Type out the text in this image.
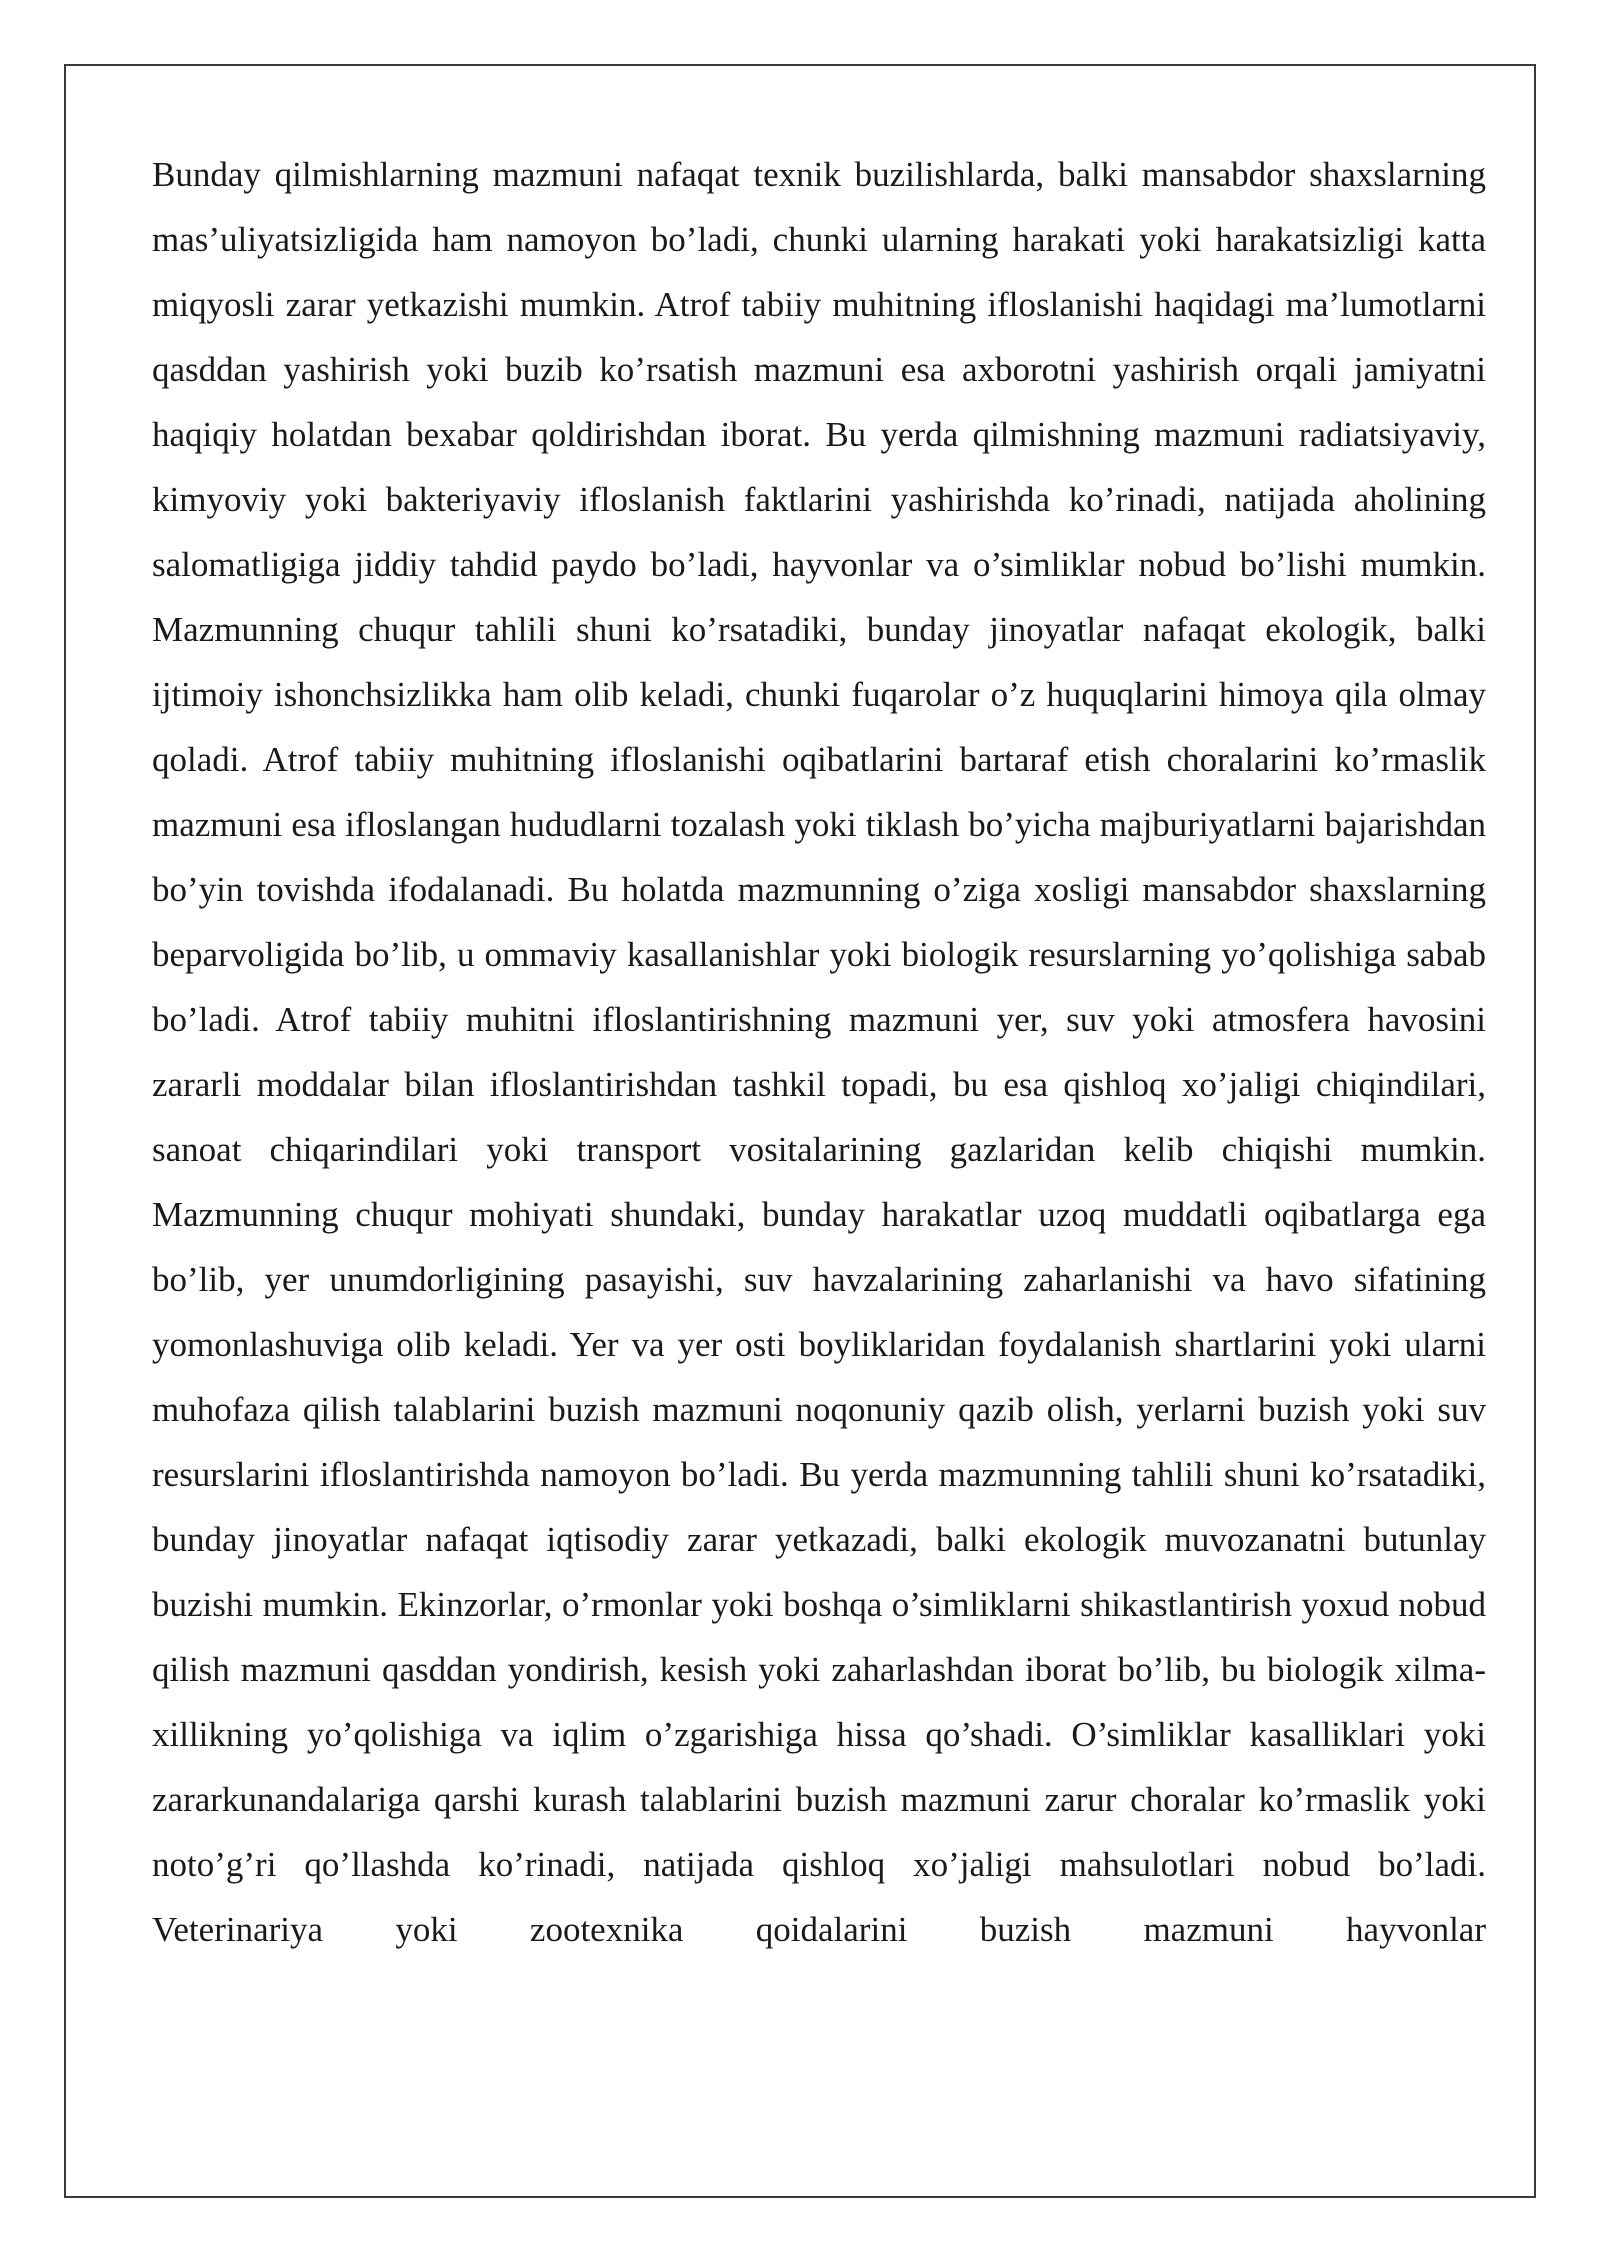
Bunday qilmishlarning mazmuni nafaqat texnik buzilishlarda, balki mansabdor shaxslarning mas’uliyatsizligida ham namoyon bo’ladi, chunki ularning harakati yoki harakatsizligi katta miqyosli zarar yetkazishi mumkin. Atrof tabiiy muhitning ifloslanishi haqidagi ma’lumotlarni qasddan yashirish yoki buzib ko’rsatish mazmuni esa axborotni yashirish orqali jamiyatni haqiqiy holatdan bexabar qoldirishdan iborat. Bu yerda qilmishning mazmuni radiatsiyaviy, kimyoviy yoki bakteriyaviy ifloslanish faktlarini yashirishda ko’rinadi, natijada aholining salomatligiga jiddiy tahdid paydo bo’ladi, hayvonlar va o’simliklar nobud bo’lishi mumkin. Mazmunning chuqur tahlili shuni ko’rsatadiki, bunday jinoyatlar nafaqat ekologik, balki ijtimoiy ishonchsizlikka ham olib keladi, chunki fuqarolar o’z huquqlarini himoya qila olmay qoladi. Atrof tabiiy muhitning ifloslanishi oqibatlarini bartaraf etish choralarini ko’rmaslik mazmuni esa ifloslangan hududlarni tozalash yoki tiklash bo’yicha majburiyatlarni bajarishdan bo’yin tovishda ifodalanadi. Bu holatda mazmunning o’ziga xosligi mansabdor shaxslarning beparvoligida bo’lib, u ommaviy kasallanishlar yoki biologik resurslarning yo’qolishiga sabab bo’ladi. Atrof tabiiy muhitni ifloslantirishning mazmuni yer, suv yoki atmosfera havosini zararli moddalar bilan ifloslantirishdan tashkil topadi, bu esa qishloq xo’jaligi chiqindilari, sanoat chiqarindilari yoki transport vositalarining gazlaridan kelib chiqishi mumkin. Mazmunning chuqur mohiyati shundaki, bunday harakatlar uzoq muddatli oqibatlarga ega bo’lib, yer unumdorligining pasayishi, suv havzalarining zaharlanishi va havo sifatining yomonlashuviga olib keladi. Yer va yer osti boyliklaridan foydalanish shartlarini yoki ularni muhofaza qilish talablarini buzish mazmuni noqonuniy qazib olish, yerlarni buzish yoki suv resurslarini ifloslantirishda namoyon bo’ladi. Bu yerda mazmunning tahlili shuni ko’rsatadiki, bunday jinoyatlar nafaqat iqtisodiy zarar yetkazadi, balki ekologik muvozanatni butunlay buzishi mumkin. Ekinzorlar, o’rmonlar yoki boshqa o’simliklarni shikastlantirish yoxud nobud qilish mazmuni qasddan yondirish, kesish yoki zaharlashdan iborat bo’lib, bu biologik xilma-xillikning yo’qolishiga va iqlim o’zgarishiga hissa qo’shadi. O’simliklar kasalliklari yoki zararkunandalariga qarshi kurash talablarini buzish mazmuni zarur choralar ko’rmaslik yoki noto’g’ri qo’llashda ko’rinadi, natijada qishloq xo’jaligi mahsulotlari nobud bo’ladi. Veterinariya yoki zootexnika qoidalarini buzish mazmuni hayvonlar
